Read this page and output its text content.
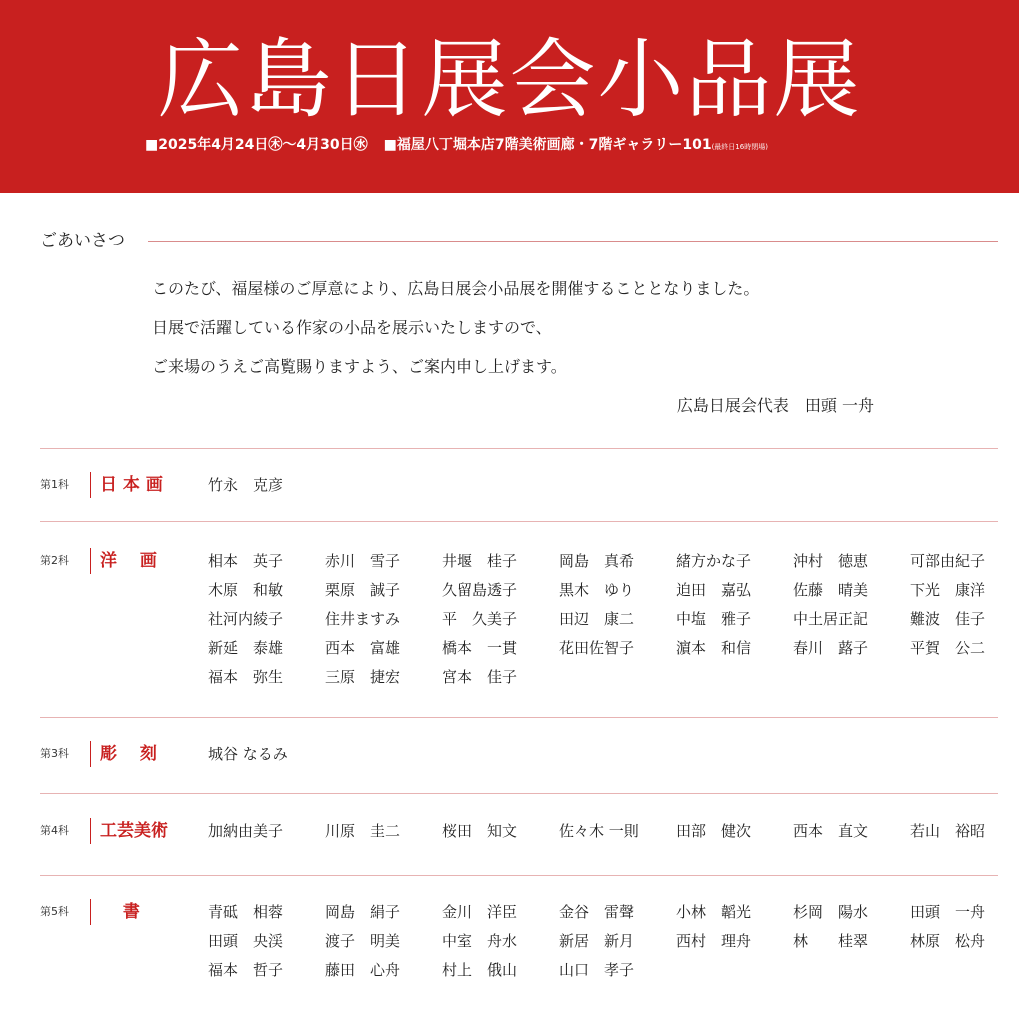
広島日展会小品展
■2025年4月24日㊍～4月30日㊌ ■福屋八丁堀本店7階美術画廊・7階ギャラリー101(最終日16時閉場)
ごあいさつ
このたび、福屋様のご厚意により、広島日展会小品展を開催することとなりました。
日展で活躍している作家の小品を展示いたしますので、
ご来場のうえご高覧賜りますよう、ご案内申し上げます。
広島日展会代表　田頭 一舟
第1科 日 本 画	竹永　克彦
第2科 洋　 画	相本　英子	赤川　雪子	井堰　桂子	岡島　真希	緒方かな子	沖村　徳恵	可部由紀子
木原　和敏	栗原　誠子	久留島透子	黒木　ゆり	迫田　嘉弘	佐藤　晴美	下光　康洋
社河内綾子	住井ますみ	平　久美子	田辺　康二	中塩　雅子	中土居正記	難波　佳子
新延　泰雄	西本　富雄	橋本　一貫	花田佐智子	濵本　和信	春川　蕗子	平賀　公二
福本　弥生	三原　捷宏	宮本　佳子
第3科 彫　 刻	城谷 なるみ
第4科 工芸美術	加納由美子	川原　圭二	桜田　知文	佐々木 一則	田部　健次	西本　直文	若山　裕昭
第5科 　 書	青砥　相蓉	岡島　絹子	金川　洋臣	金谷　雷聲	小林　韜光	杉岡　陽水	田頭　一舟
田頭　央渓	渡子　明美	中室　舟水	新居　新月	西村　理舟	林　　桂翠	林原　松舟
福本　哲子	藤田　心舟	村上　俄山	山口　孝子
